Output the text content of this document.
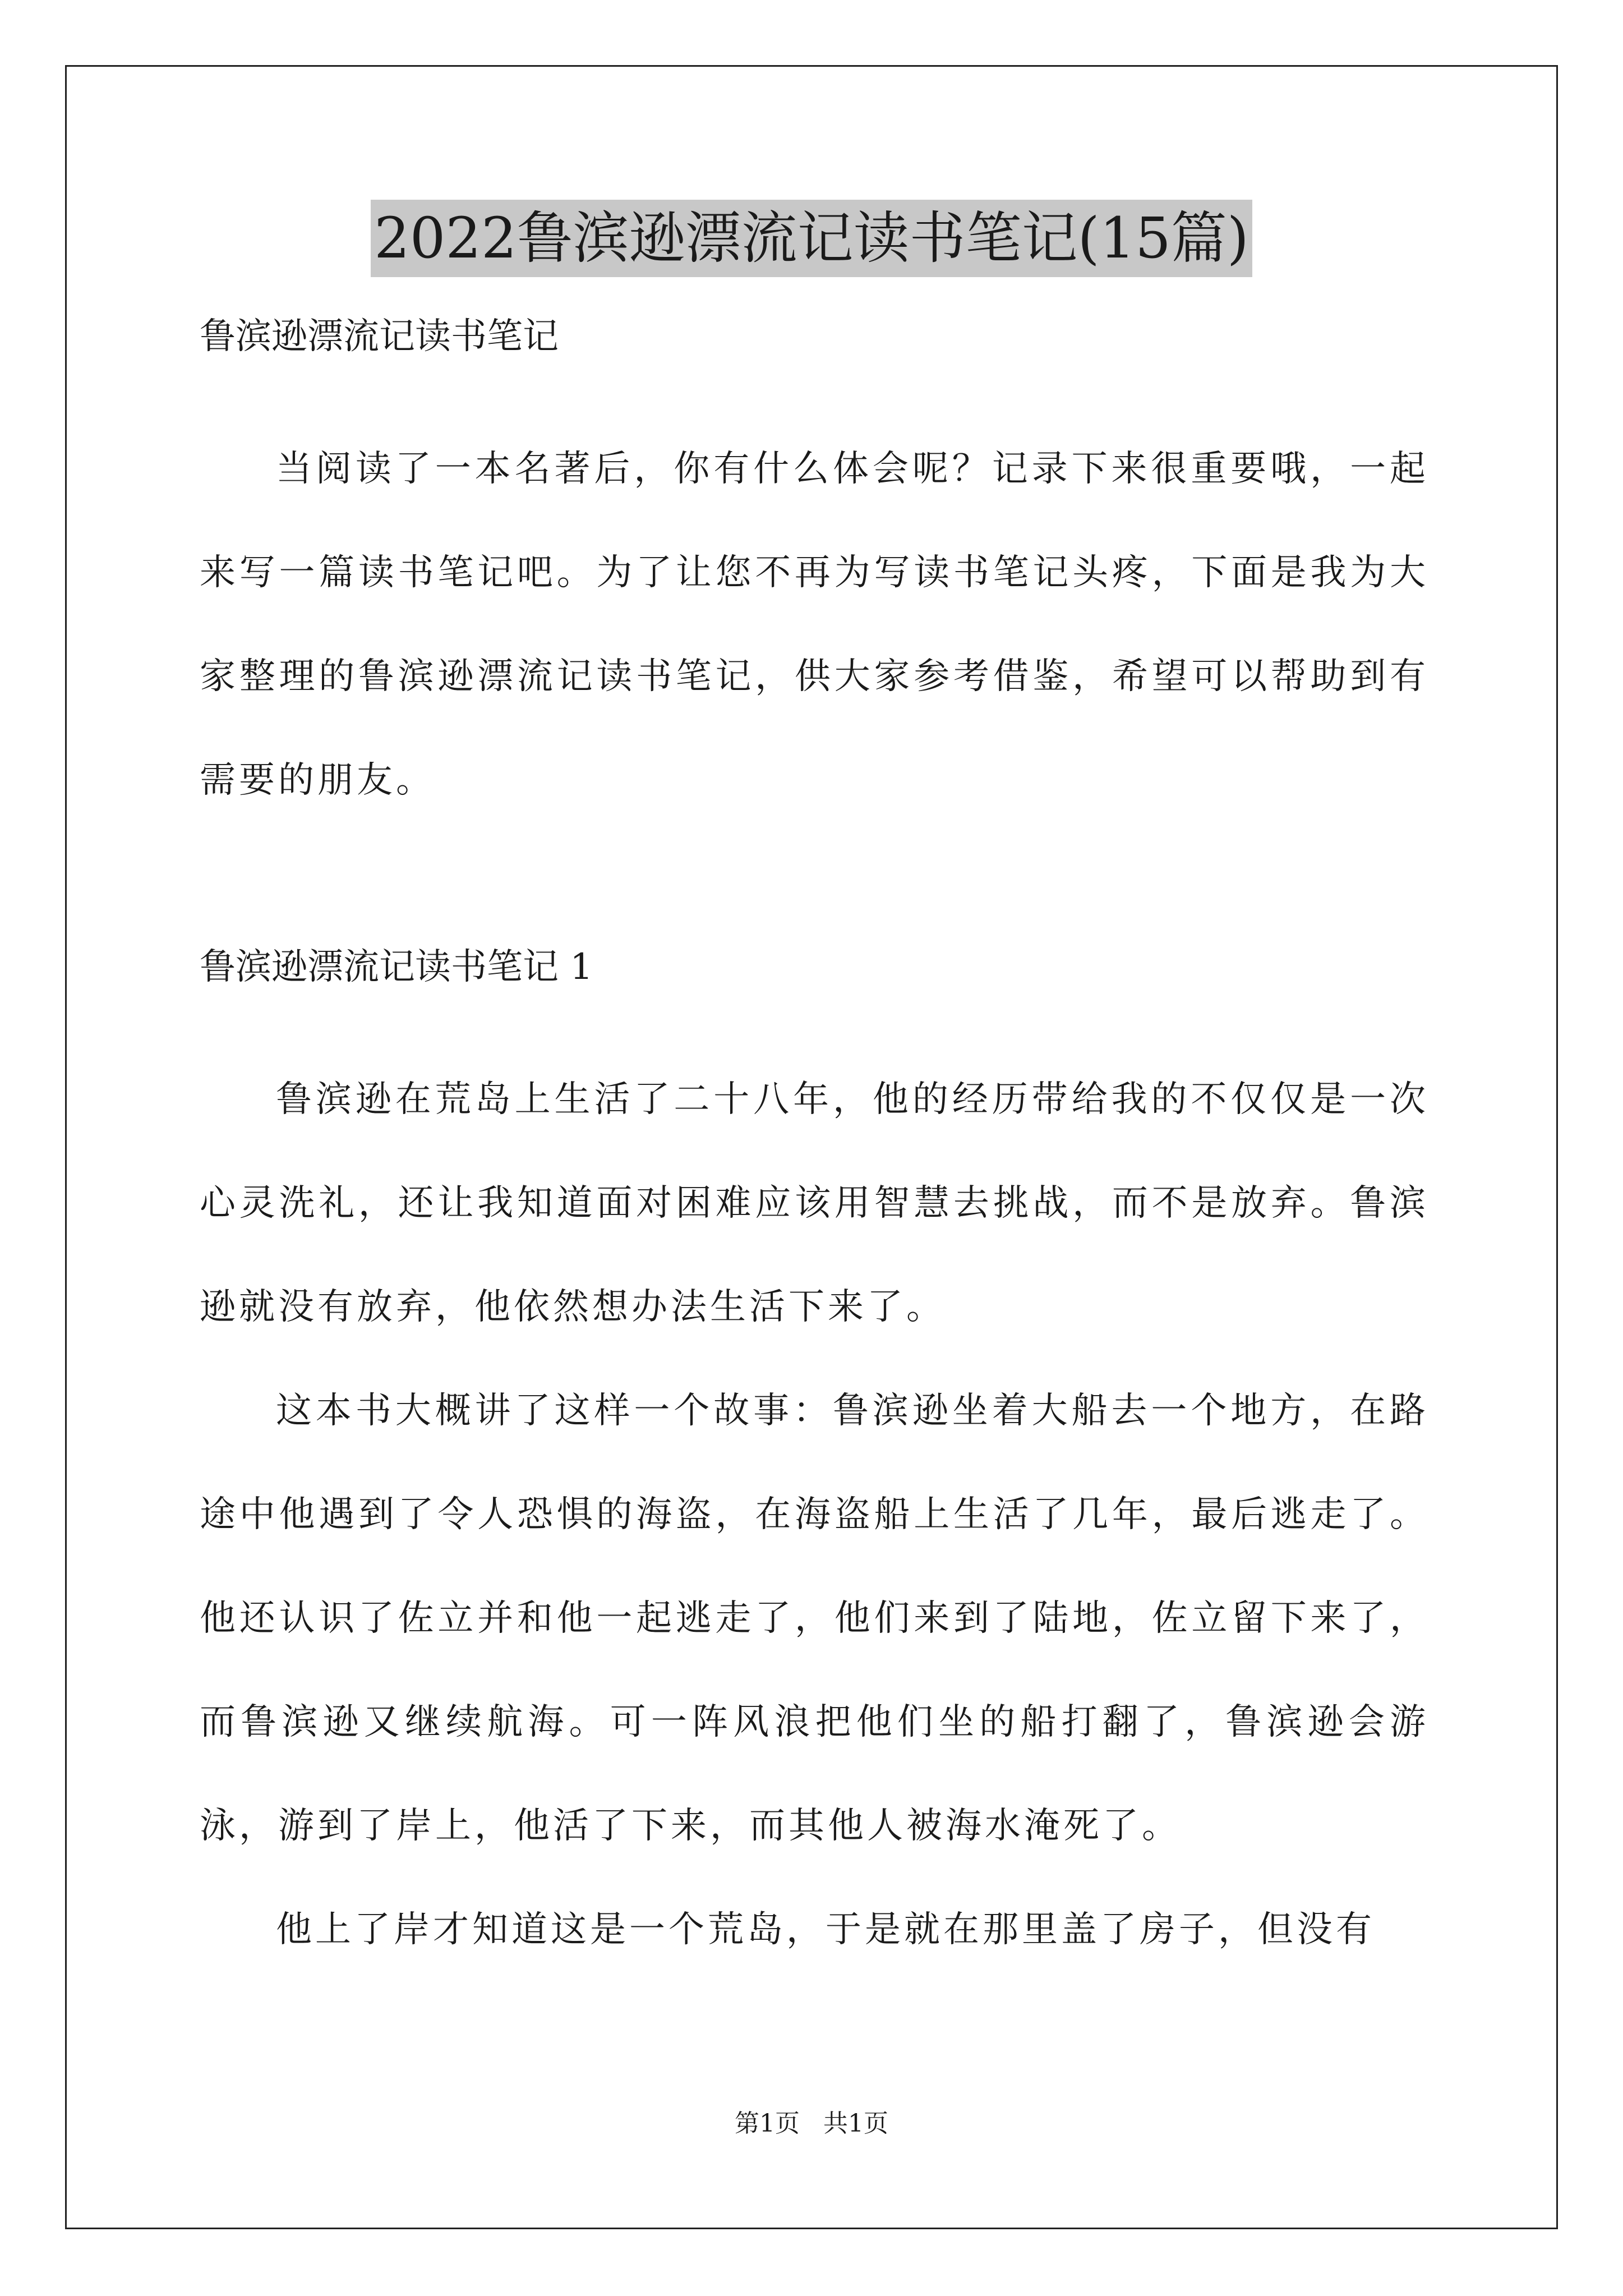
2022鲁滨逊漂流记读书笔记(15篇)

鲁滨逊漂流记读书笔记

当阅读了一本名著后，你有什么体会呢？记录下来很重要哦，一起来写一篇读书笔记吧。为了让您不再为写读书笔记头疼，下面是我为大家整理的鲁滨逊漂流记读书笔记，供大家参考借鉴，希望可以帮助到有需要的朋友。

鲁滨逊漂流记读书笔记 1

鲁滨逊在荒岛上生活了二十八年，他的经历带给我的不仅仅是一次心灵洗礼，还让我知道面对困难应该用智慧去挑战，而不是放弃。鲁滨逊就没有放弃，他依然想办法生活下来了。

这本书大概讲了这样一个故事：鲁滨逊坐着大船去一个地方，在路途中他遇到了令人恐惧的海盗，在海盗船上生活了几年，最后逃走了。他还认识了佐立并和他一起逃走了，他们来到了陆地，佐立留下来了，而鲁滨逊又继续航海。可一阵风浪把他们坐的船打翻了，鲁滨逊会游泳，游到了岸上，他活了下来，而其他人被海水淹死了。

他上了岸才知道这是一个荒岛，于是就在那里盖了房子，但没有

第1页   共1页
